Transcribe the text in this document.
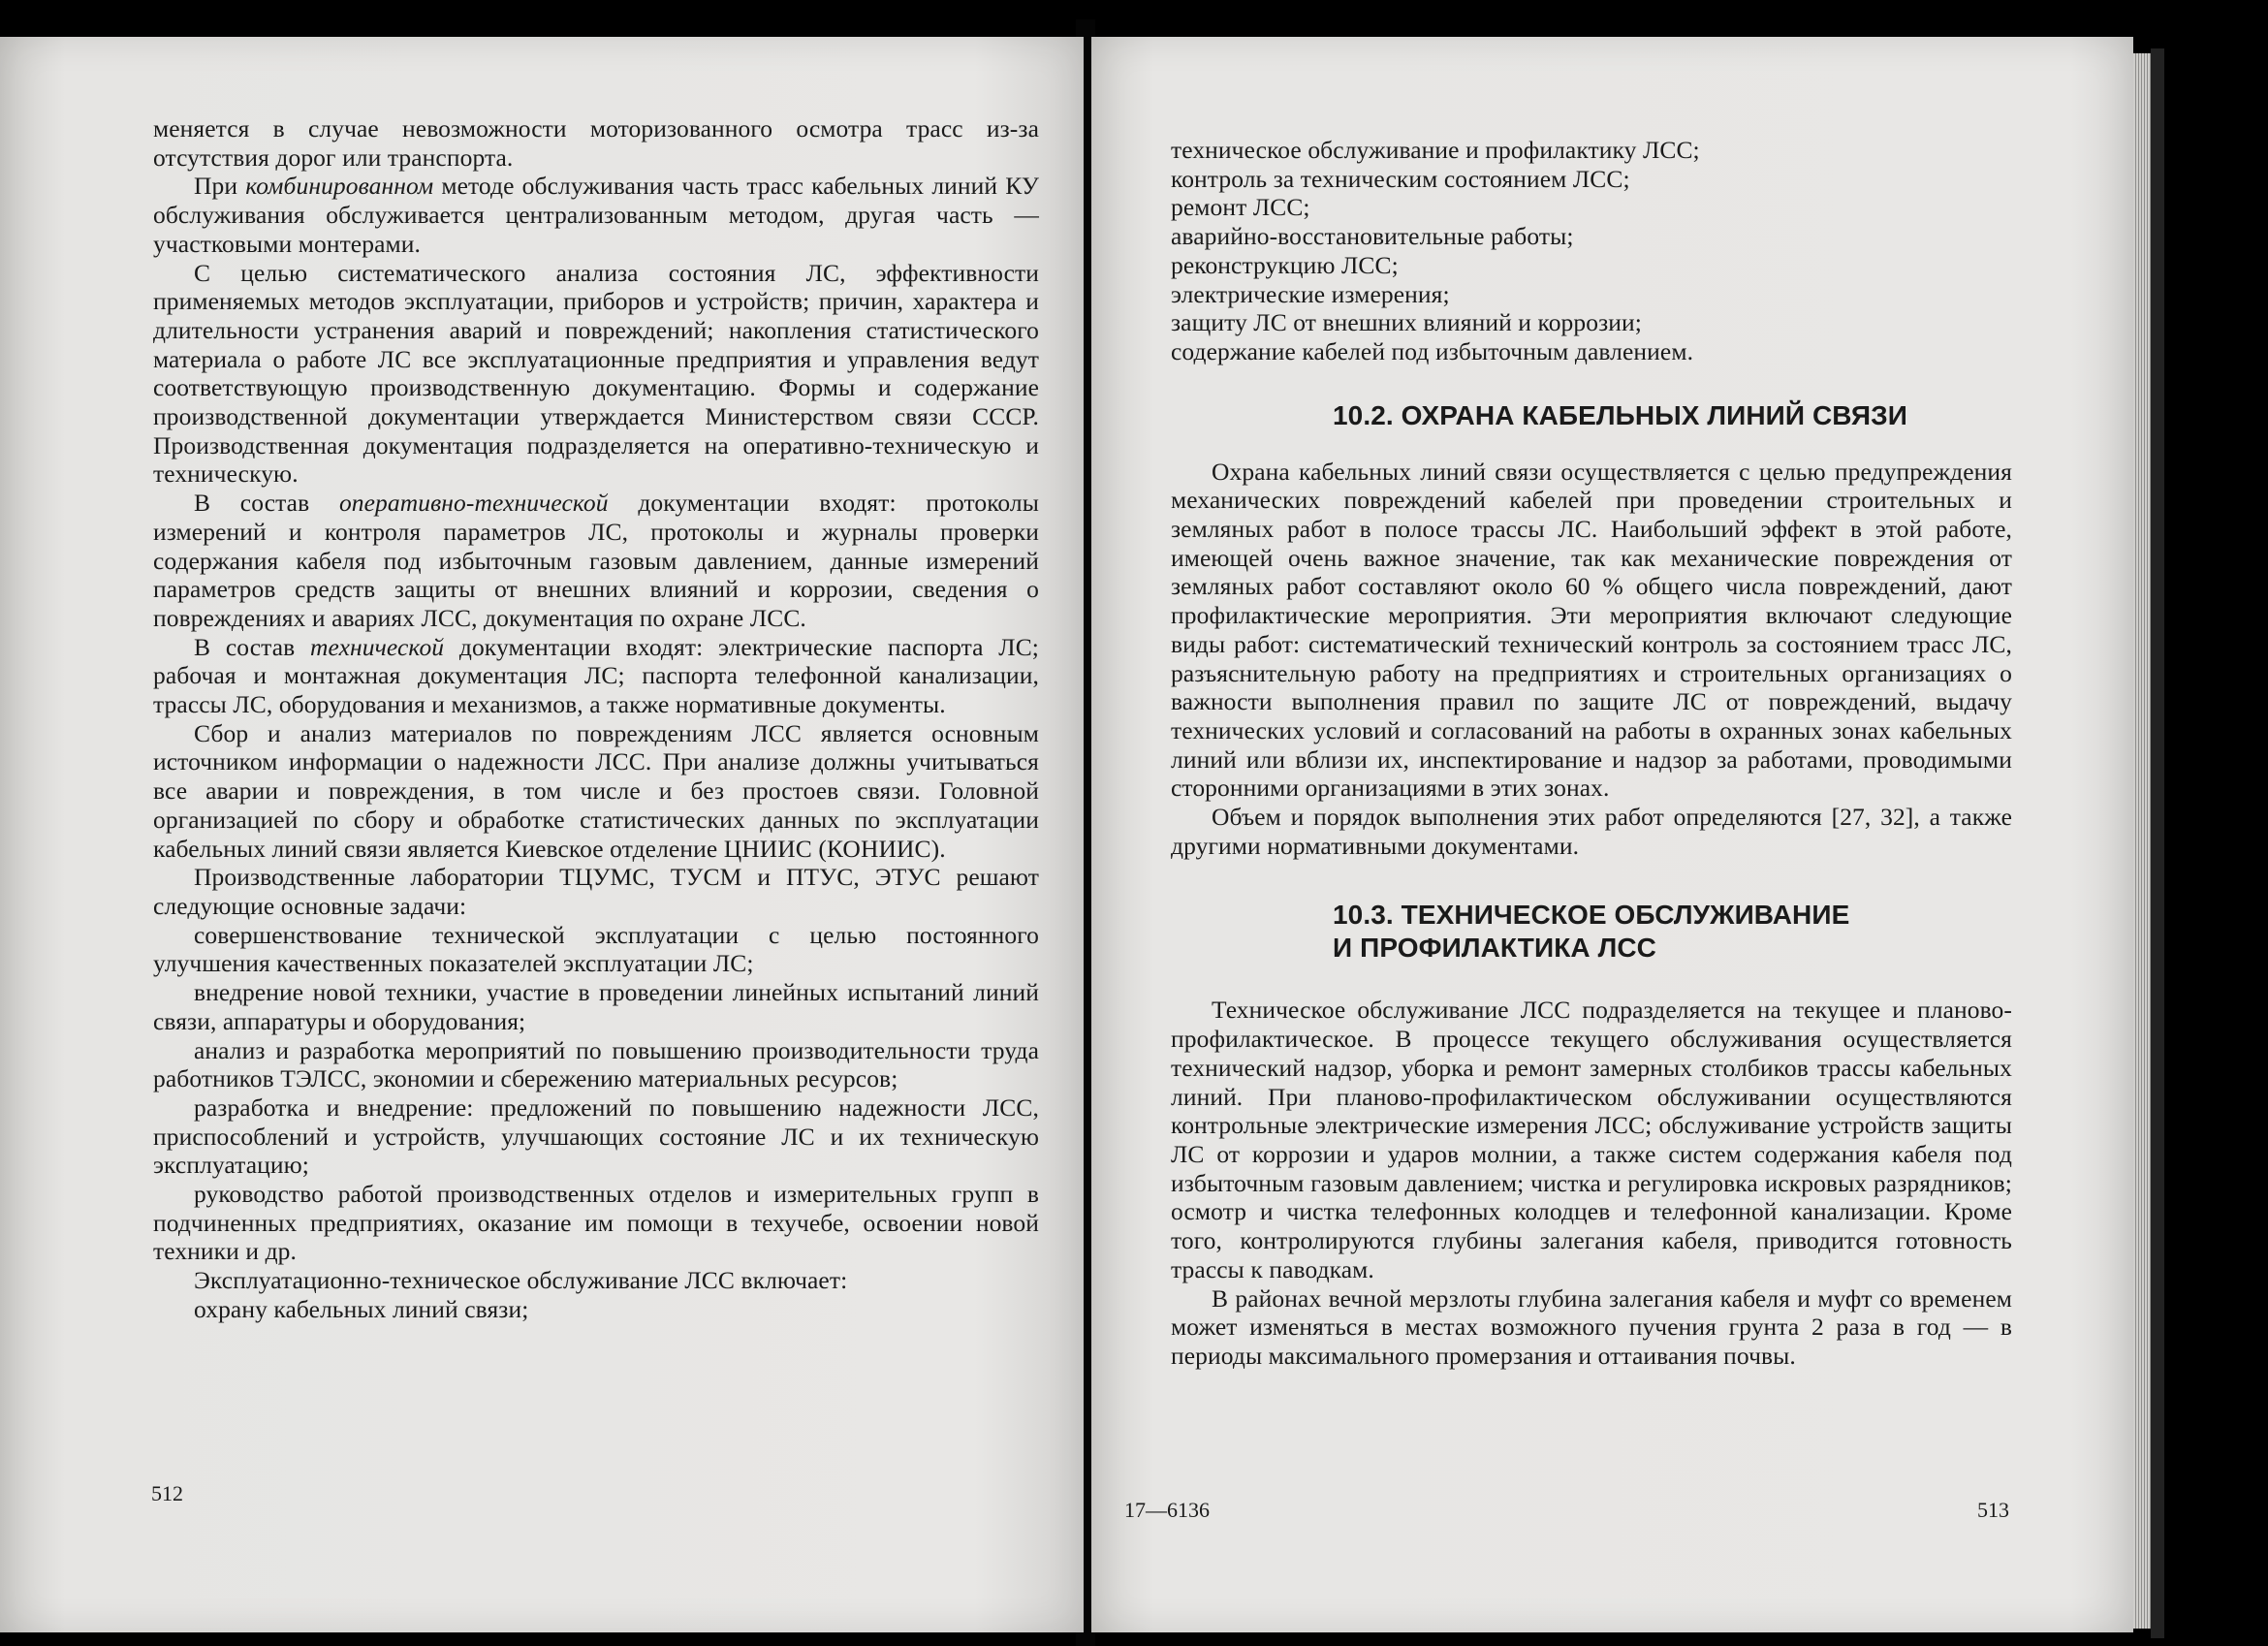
меняется в случае невозможности моторизованного осмотра трасс из-за отсутствия дорог или транспорта.

При комбинированном методе обслуживания часть трасс кабельных линий КУ обслуживания обслуживается централизованным методом, другая часть — участковыми монтерами.

С целью систематического анализа состояния ЛС, эффективности применяемых методов эксплуатации, приборов и устройств; причин, характера и длительности устранения аварий и повреждений; накопления статистического материала о работе ЛС все эксплуатационные предприятия и управления ведут соответствующую производственную документацию. Формы и содержание производственной документации утверждается Министерством связи СССР. Производственная документация подразделяется на оперативно-техническую и техническую.

В состав оперативно-технической документации входят: протоколы измерений и контроля параметров ЛС, протоколы и журналы проверки содержания кабеля под избыточным газовым давлением, данные измерений параметров средств защиты от внешних влияний и коррозии, сведения о повреждениях и авариях ЛСС, документация по охране ЛСС.

В состав технической документации входят: электрические паспорта ЛС; рабочая и монтажная документация ЛС; паспорта телефонной канализации, трассы ЛС, оборудования и механизмов, а также нормативные документы.

Сбор и анализ материалов по повреждениям ЛСС является основным источником информации о надежности ЛСС. При анализе должны учитываться все аварии и повреждения, в том числе и без простоев связи. Головной организацией по сбору и обработке статистических данных по эксплуатации кабельных линий связи является Киевское отделение ЦНИИС (КОНИИС).

Производственные лаборатории ТЦУМС, ТУСМ и ПТУС, ЭТУС решают следующие основные задачи:

совершенствование технической эксплуатации с целью постоянного улучшения качественных показателей эксплуатации ЛС;

внедрение новой техники, участие в проведении линейных испытаний линий связи, аппаратуры и оборудования;

анализ и разработка мероприятий по повышению производительности труда работников ТЭЛСС, экономии и сбережению материальных ресурсов;

разработка и внедрение: предложений по повышению надежности ЛСС, приспособлений и устройств, улучшающих состояние ЛС и их техническую эксплуатацию;

руководство работой производственных отделов и измерительных групп в подчиненных предприятиях, оказание им помощи в техучебе, освоении новой техники и др.

Эксплуатационно-техническое обслуживание ЛСС включает:

охрану кабельных линий связи;

512

техническое обслуживание и профилактику ЛСС;

контроль за техническим состоянием ЛСС;

ремонт ЛСС;

аварийно-восстановительные работы;

реконструкцию ЛСС;

электрические измерения;

защиту ЛС от внешних влияний и коррозии;

содержание кабелей под избыточным давлением.

10.2. ОХРАНА КАБЕЛЬНЫХ ЛИНИЙ СВЯЗИ

Охрана кабельных линий связи осуществляется с целью предупреждения механических повреждений кабелей при проведении строительных и земляных работ в полосе трассы ЛС. Наибольший эффект в этой работе, имеющей очень важное значение, так как механические повреждения от земляных работ составляют около 60 % общего числа повреждений, дают профилактические мероприятия. Эти мероприятия включают следующие виды работ: систематический технический контроль за состоянием трасс ЛС, разъяснительную работу на предприятиях и строительных организациях о важности выполнения правил по защите ЛС от повреждений, выдачу технических условий и согласований на работы в охранных зонах кабельных линий или вблизи их, инспектирование и надзор за работами, проводимыми сторонними организациями в этих зонах.

Объем и порядок выполнения этих работ определяются [27, 32], а также другими нормативными документами.

10.3. ТЕХНИЧЕСКОЕ ОБСЛУЖИВАНИЕ
И ПРОФИЛАКТИКА ЛСС

Техническое обслуживание ЛСС подразделяется на текущее и планово-профилактическое. В процессе текущего обслуживания осуществляется технический надзор, уборка и ремонт замерных столбиков трассы кабельных линий. При планово-профилактическом обслуживании осуществляются контрольные электрические измерения ЛСС; обслуживание устройств защиты ЛС от коррозии и ударов молнии, а также систем содержания кабеля под избыточным газовым давлением; чистка и регулировка искровых разрядников; осмотр и чистка телефонных колодцев и телефонной канализации. Кроме того, контролируются глубины залегания кабеля, приводится готовность трассы к паводкам.

В районах вечной мерзлоты глубина залегания кабеля и муфт со временем может изменяться в местах возможного пучения грунта 2 раза в год — в периоды максимального промерзания и оттаивания почвы.

17—6136	513
